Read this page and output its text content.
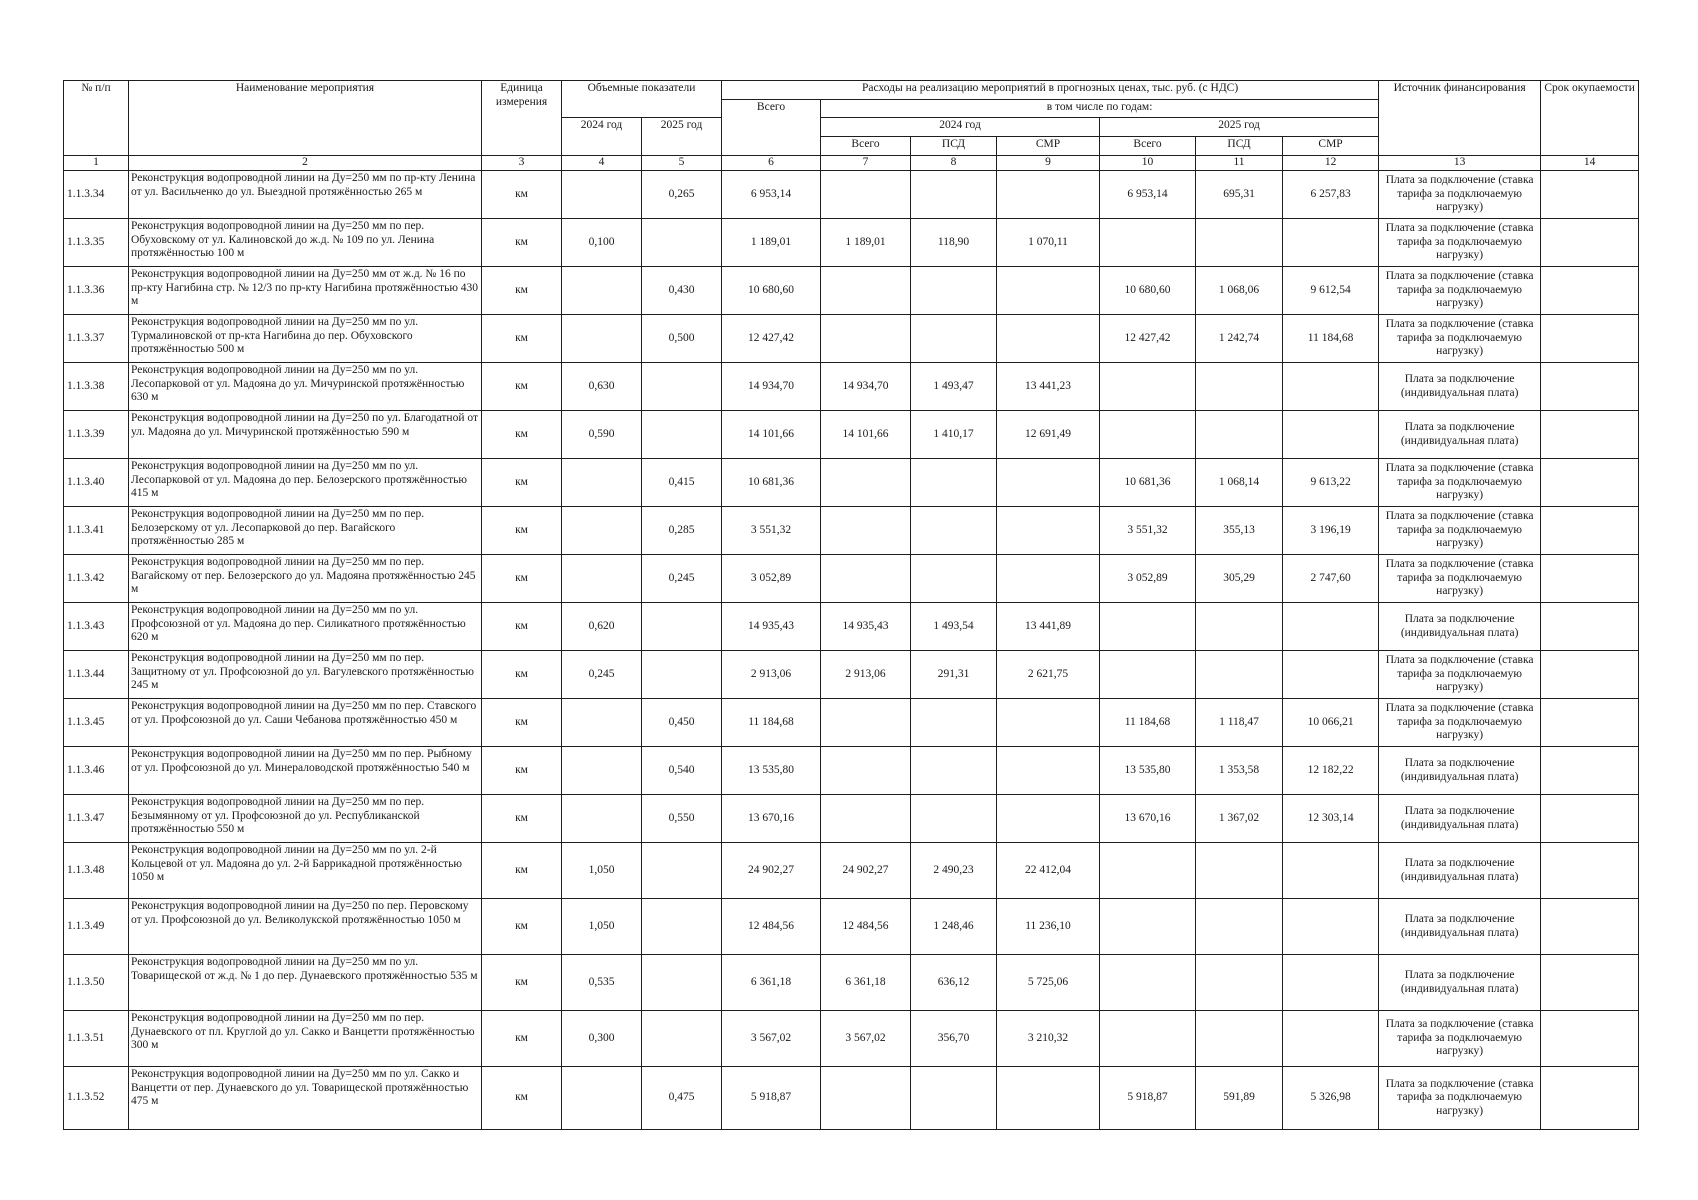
№ п/п	Наименование мероприятия	Единица измерения	Объемные показатели		Расходы на реализацию мероприятий в прогнозных ценах, тыс. руб. (с НДС)							Источник финансирования	Срок окупаемости
					Всего	в том числе по годам:							
			2024 год	2025 год		2024 год			2025 год				
						Всего	ПСД	СМР	Всего	ПСД	СМР		
1	2	3	4	5	6	7	8	9	10	11	12	13	14
1.1.3.34	Реконструкция водопроводной линии на Ду=250 мм по пр-кту Ленина от ул. Васильченко до ул. Выездной протяжённостью 265 м	км		0,265	6 953,14				6 953,14	695,31	6 257,83	Плата за подключение (ставка тарифа за подключаемую нагрузку)	
1.1.3.35	Реконструкция водопроводной линии на Ду=250 мм по пер. Обуховскому от ул. Калиновской до ж.д. № 109 по ул. Ленина протяжённостью 100 м	км	0,100		1 189,01	1 189,01	118,90	1 070,11				Плата за подключение (ставка тарифа за подключаемую нагрузку)	
1.1.3.36	Реконструкция водопроводной линии на Ду=250 мм от ж.д. № 16 по пр-кту Нагибина стр. № 12/3 по пр-кту Нагибина протяжённостью 430 м	км		0,430	10 680,60				10 680,60	1 068,06	9 612,54	Плата за подключение (ставка тарифа за подключаемую нагрузку)	
1.1.3.37	Реконструкция водопроводной линии на Ду=250 мм по ул. Турмалиновской от пр-кта Нагибина до пер. Обуховского протяжённостью 500 м	км		0,500	12 427,42				12 427,42	1 242,74	11 184,68	Плата за подключение (ставка тарифа за подключаемую нагрузку)	
1.1.3.38	Реконструкция водопроводной линии на Ду=250 мм по ул. Лесопарковой от ул. Мадояна до ул. Мичуринской протяжённостью 630 м	км	0,630		14 934,70	14 934,70	1 493,47	13 441,23				Плата за подключение (индивидуальная плата)	
1.1.3.39	Реконструкция водопроводной линии на Ду=250 по ул. Благодатной от ул. Мадояна до ул. Мичуринской протяжённостью 590 м	км	0,590		14 101,66	14 101,66	1 410,17	12 691,49				Плата за подключение (индивидуальная плата)	
1.1.3.40	Реконструкция водопроводной линии на Ду=250 мм по ул. Лесопарковой от ул. Мадояна до пер. Белозерского протяжённостью 415 м	км		0,415	10 681,36				10 681,36	1 068,14	9 613,22	Плата за подключение (ставка тарифа за подключаемую нагрузку)	
1.1.3.41	Реконструкция водопроводной линии на Ду=250 мм по пер. Белозерскому от ул. Лесопарковой до пер. Вагайского протяжённостью 285 м	км		0,285	3 551,32				3 551,32	355,13	3 196,19	Плата за подключение (ставка тарифа за подключаемую нагрузку)	
1.1.3.42	Реконструкция водопроводной линии на Ду=250 мм по пер. Вагайскому от пер. Белозерского до ул. Мадояна протяжённостью 245 м	км		0,245	3 052,89				3 052,89	305,29	2 747,60	Плата за подключение (ставка тарифа за подключаемую нагрузку)	
1.1.3.43	Реконструкция водопроводной линии на Ду=250 мм по ул. Профсоюзной от ул. Мадояна до пер. Силикатного протяжённостью 620 м	км	0,620		14 935,43	14 935,43	1 493,54	13 441,89				Плата за подключение (индивидуальная плата)	
1.1.3.44	Реконструкция водопроводной линии на Ду=250 мм по пер. Защитному от ул. Профсоюзной до ул. Вагулевского протяжённостью 245 м	км	0,245		2 913,06	2 913,06	291,31	2 621,75				Плата за подключение (ставка тарифа за подключаемую нагрузку)	
1.1.3.45	Реконструкция водопроводной линии на Ду=250 мм по пер. Ставского от ул. Профсоюзной до ул. Саши Чебанова протяжённостью 450 м	км		0,450	11 184,68				11 184,68	1 118,47	10 066,21	Плата за подключение (ставка тарифа за подключаемую нагрузку)	
1.1.3.46	Реконструкция водопроводной линии на Ду=250 мм по пер. Рыбному от ул. Профсоюзной до ул. Минераловодской протяжённостью 540 м	км		0,540	13 535,80				13 535,80	1 353,58	12 182,22	Плата за подключение (индивидуальная плата)	
1.1.3.47	Реконструкция водопроводной линии на Ду=250 мм по пер. Безымянному от ул. Профсоюзной до ул. Республиканской протяжённостью 550 м	км		0,550	13 670,16				13 670,16	1 367,02	12 303,14	Плата за подключение (индивидуальная плата)	
1.1.3.48	Реконструкция водопроводной линии на Ду=250 мм по ул. 2-й Кольцевой от ул. Мадояна до ул. 2-й Баррикадной протяжённостью 1050 м	км	1,050		24 902,27	24 902,27	2 490,23	22 412,04				Плата за подключение (индивидуальная плата)	
1.1.3.49	Реконструкция водопроводной линии на Ду=250 по пер. Перовскому от ул. Профсоюзной до ул. Великолукской протяжённостью 1050 м	км	1,050		12 484,56	12 484,56	1 248,46	11 236,10				Плата за подключение (индивидуальная плата)	
1.1.3.50	Реконструкция водопроводной линии на Ду=250 мм по ул. Товарищеской от ж.д. № 1 до пер. Дунаевского протяжённостью 535 м	км	0,535		6 361,18	6 361,18	636,12	5 725,06				Плата за подключение (индивидуальная плата)	
1.1.3.51	Реконструкция водопроводной линии на Ду=250 мм по пер. Дунаевского от пл. Круглой до ул. Сакко и Ванцетти протяжённостью 300 м	км	0,300		3 567,02	3 567,02	356,70	3 210,32				Плата за подключение (ставка тарифа за подключаемую нагрузку)	
1.1.3.52	Реконструкция водопроводной линии на Ду=250 мм по ул. Сакко и Ванцетти от пер. Дунаевского до ул. Товарищеской протяжённостью 475 м	км		0,475	5 918,87				5 918,87	591,89	5 326,98	Плата за подключение (ставка тарифа за подключаемую нагрузку)	
